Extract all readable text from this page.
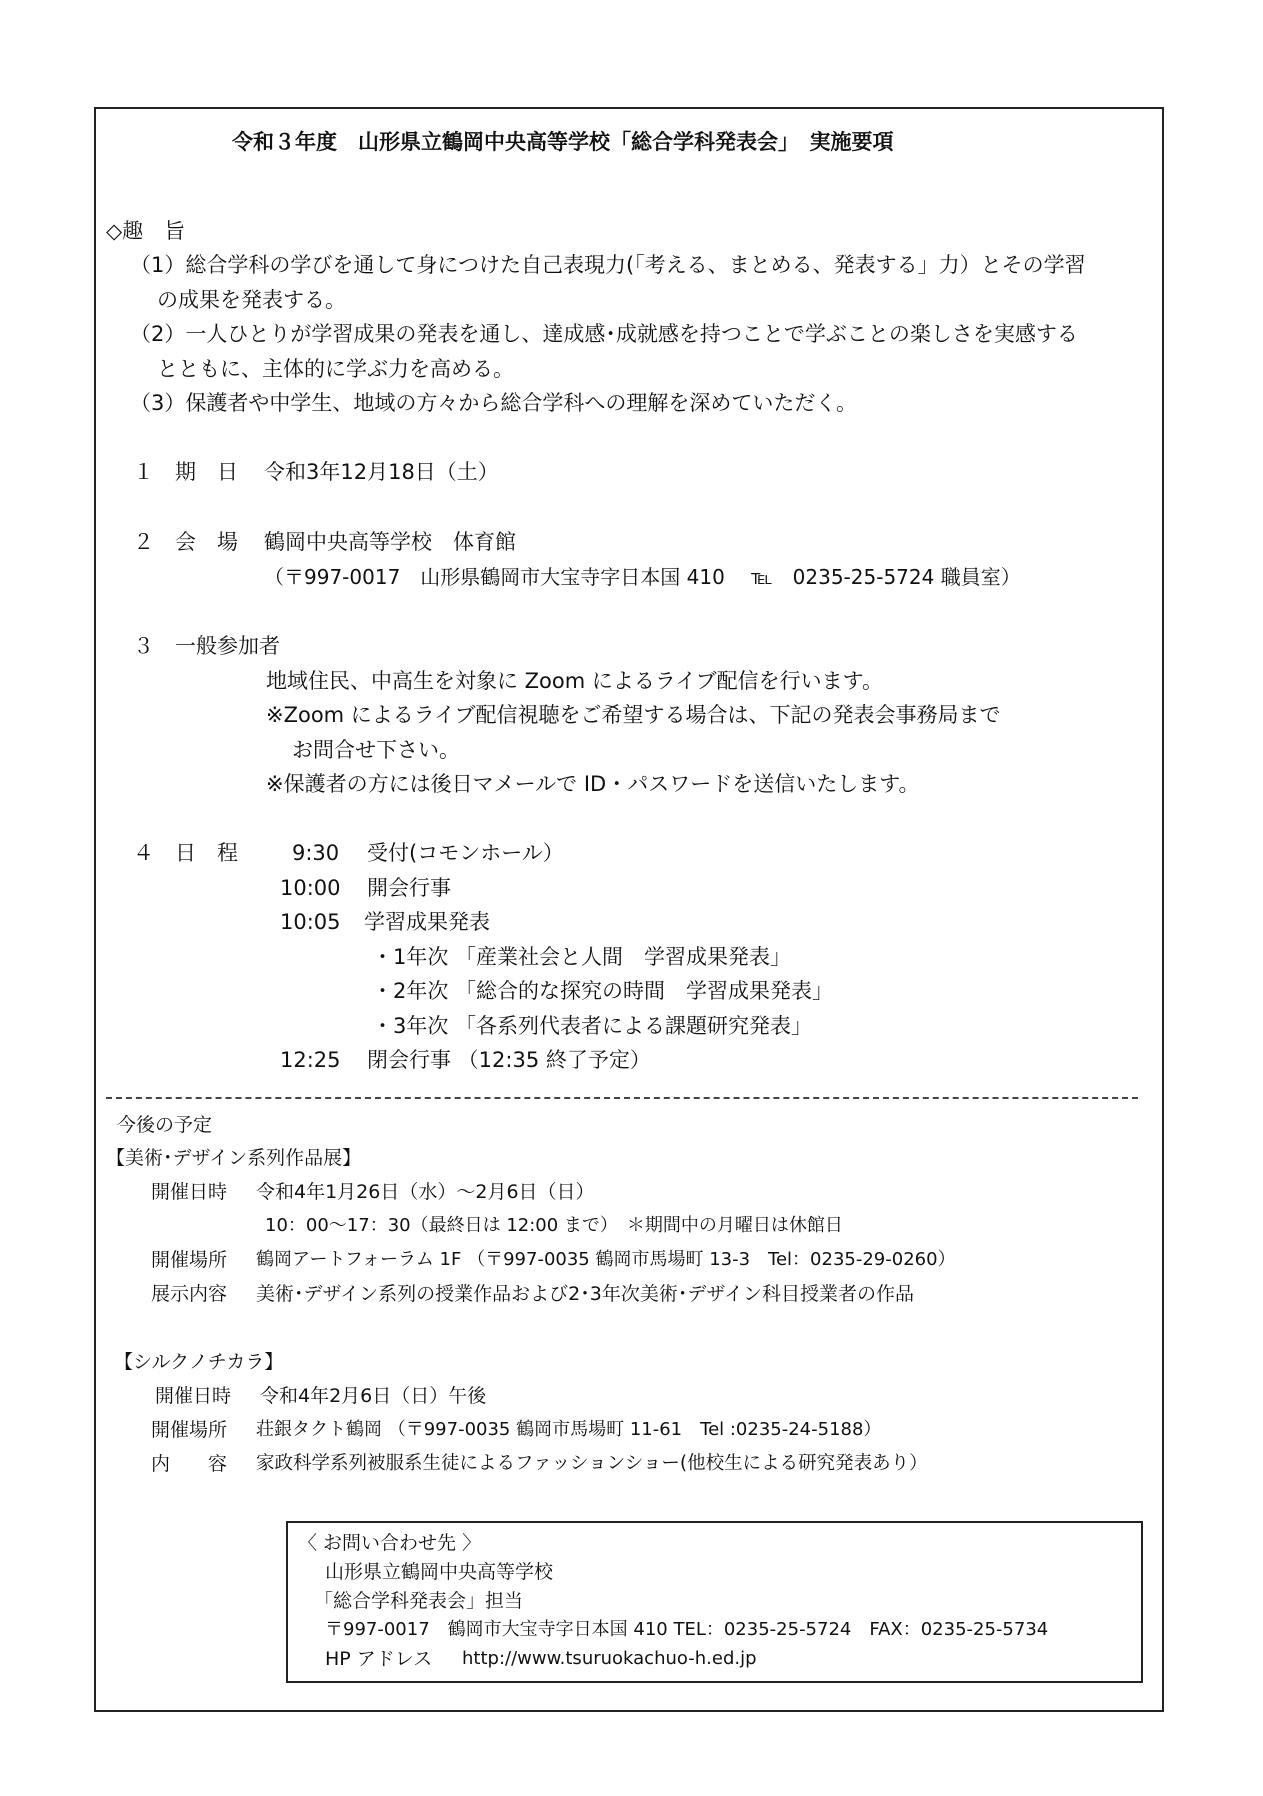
令和３年度　山形県立鶴岡中央高等学校「総合学科発表会」　実施要項
◇趣　旨
（1）総合学科の学びを通して身につけた自己表現力(「考える、まとめる、発表する」力）とその学習
の成果を発表する。
（2）一人ひとりが学習成果の発表を通し、達成感･成就感を持つことで学ぶことの楽しさを実感する
とともに、主体的に学ぶ力を高める。
（3）保護者や中学生、地域の方々から総合学科への理解を深めていただく。
１　期　日 令和3年12月18日（土）
２　会　場 鶴岡中央高等学校　体育館
（〒997-0017　山形県鶴岡市大宝寺字日本国 410　 ℡　0235-25-5724 職員室）
３　一般参加者
地域住民、中高生を対象に Zoom によるライブ配信を行います。
※Zoom によるライブ配信視聴をご希望する場合は、下記の発表会事務局まで
お問合せ下さい。
※保護者の方には後日マメールで ID・パスワードを送信いたします。
４　日　程	9:30 受付(コモンホール）
10:00 開会行事
10:05 学習成果発表
・1年次 「産業社会と人間　学習成果発表」
・2年次 「総合的な探究の時間　学習成果発表」
・3年次 「各系列代表者による課題研究発表」
12:25 閉会行事 （12:35 終了予定）
今後の予定
【美術･デザイン系列作品展】
開催日時 令和4年1月26日（水）～2月6日（日）
10：00～17：30（最終日は 12:00 まで）　＊期間中の月曜日は休館日
開催場所 鶴岡アートフォーラム 1F （〒997-0035 鶴岡市馬場町 13-3　Tel：0235-29-0260）
展示内容 美術･デザイン系列の授業作品および2･3年次美術･デザイン科目授業者の作品
【シルクノチカラ】
開催日時 令和4年2月6日（日）午後
開催場所 荘銀タクト鶴岡 （〒997-0035 鶴岡市馬場町 11-61　Tel :0235-24-5188）
内　　容 家政科学系列被服系生徒によるファッションショー(他校生による研究発表あり）
〈 お問い合わせ先 〉
山形県立鶴岡中央高等学校
「総合学科発表会」担当
〒997-0017　鶴岡市大宝寺字日本国 410 TEL：0235-25-5724　FAX：0235-25-5734
HP アドレス http://www.tsuruokachuo-h.ed.jp
